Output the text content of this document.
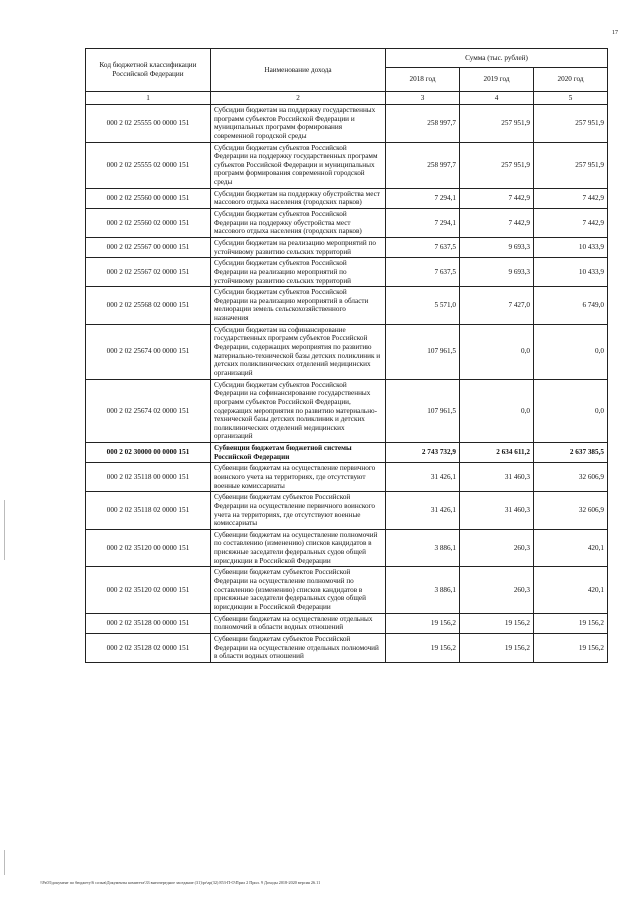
17
Код бюджетной классификации Российской Федерации	Наименование дохода	Сумма (тыс. рублей)		
		2018 год	2019 год	2020 год
1	2	3	4	5
000 2 02 25555 00 0000 151	Субсидии бюджетам на поддержку государственных программ субъектов Российской Федерации и муниципальных программ формирования современной городской среды	258 997,7	257 951,9	257 951,9
000 2 02 25555 02 0000 151	Субсидии бюджетам субъектов Российской Федерации на поддержку государственных программ субъектов Российской Федерации и муниципальных программ формирования современной городской среды	258 997,7	257 951,9	257 951,9
000 2 02 25560 00 0000 151	Субсидии бюджетам на поддержку обустройства мест массового отдыха населения (городских парков)	7 294,1	7 442,9	7 442,9
000 2 02 25560 02 0000 151	Субсидии бюджетам субъектов Российской Федерации на поддержку обустройства мест массового отдыха населения (городских парков)	7 294,1	7 442,9	7 442,9
000 2 02 25567 00 0000 151	Субсидии бюджетам на реализацию мероприятий по устойчивому развитию сельских территорий	7 637,5	9 693,3	10 433,9
000 2 02 25567 02 0000 151	Субсидии бюджетам субъектов Российской Федерации на реализацию мероприятий по устойчивому развитию сельских территорий	7 637,5	9 693,3	10 433,9
000 2 02 25568 02 0000 151	Субсидии бюджетам субъектов Российской Федерации на реализацию мероприятий в области мелиорации земель сельскохозяйственного назначения	5 571,0	7 427,0	6 749,0
000 2 02 25674 00 0000 151	Субсидии бюджетам на софинансирование государственных программ субъектов Российской Федерации, содержащих мероприятия по развитию материально-технической базы детских поликлиник и детских поликлинических отделений медицинских организаций	107 961,5	0,0	0,0
000 2 02 25674 02 0000 151	Субсидии бюджетам субъектов Российской Федерации на софинансирование государственных программ субъектов Российской Федерации, содержащих мероприятия по развитию материально-технической базы детских поликлиник и детских поликлинических отделений медицинских организаций	107 961,5	0,0	0,0
000 2 02 30000 00 0000 151	Субвенции бюджетам бюджетной системы Российской Федерации	2 743 732,9	2 634 611,2	2 637 385,5
000 2 02 35118 00 0000 151	Субвенции бюджетам на осуществление первичного воинского учета на территориях, где отсутствуют военные комиссариаты	31 426,1	31 460,3	32 606,9
000 2 02 35118 02 0000 151	Субвенции бюджетам субъектов Российской Федерации на осуществление первичного воинского учета на территориях, где отсутствуют военные комиссариаты	31 426,1	31 460,3	32 606,9
000 2 02 35120 00 0000 151	Субвенции бюджетам на осуществление полномочий по составлению (изменению) списков кандидатов в присяжные заседатели федеральных судов общей юрисдикции в Российской Федерации	3 886,1	260,3	420,1
000 2 02 35120 02 0000 151	Субвенции бюджетам субъектов Российской Федерации на осуществление полномочий по составлению (изменению) списков кандидатов в присяжные заседатели федеральных судов общей юрисдикции в Российской Федерации	3 886,1	260,3	420,1
000 2 02 35128 00 0000 151	Субвенции бюджетам на осуществление отдельных полномочий в области водных отношений	19 156,2	19 156,2	19 156,2
000 2 02 35128 02 0000 151	Субвенции бюджетам субъектов Российской Федерации на осуществление отдельных полномочий в области водных отношений	19 156,2	19 156,2	19 156,2
\\Pz03\документ по бюджету\6 созыв\Документы комитета\33 внеочередное заседание (31)\pr\zp(32) 853-П-О\Прил 2 Прил. 9 Доходы 2018-2020 версия 26.11
